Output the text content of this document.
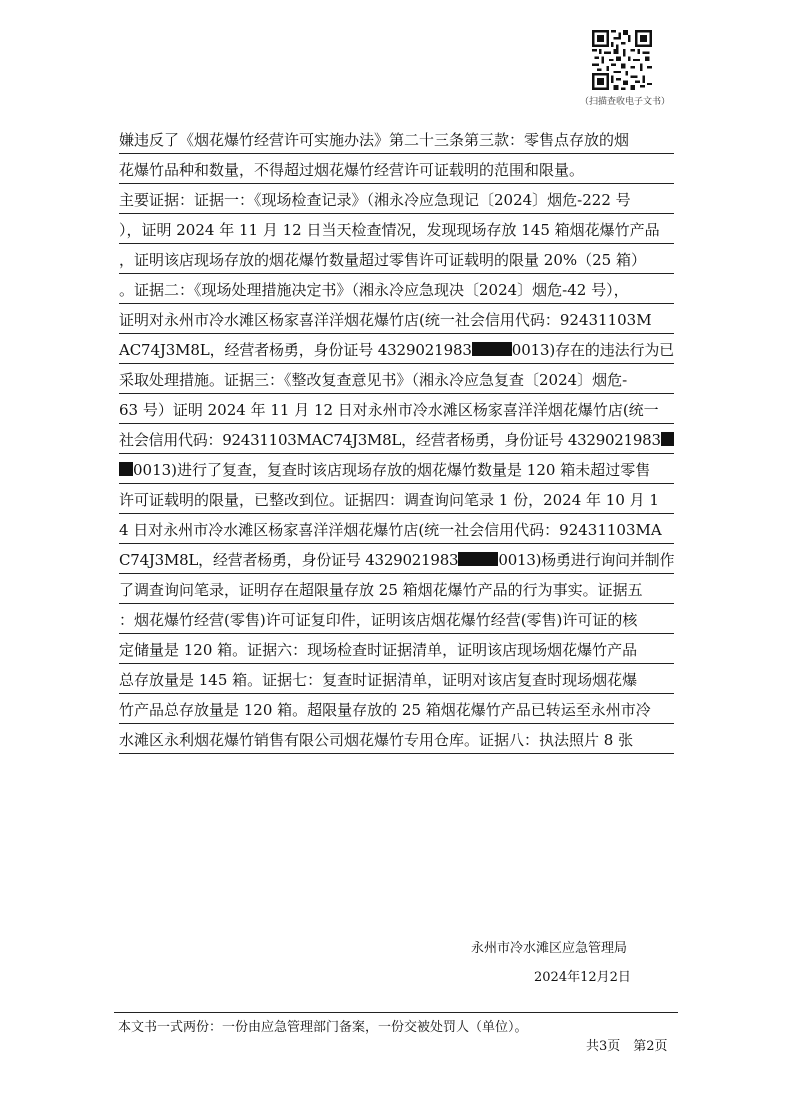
（扫描查收电子文书）
嫌违反了《烟花爆竹经营许可实施办法》第二十三条第三款：零售点存放的烟
花爆竹品种和数量，不得超过烟花爆竹经营许可证载明的范围和限量。
主要证据：证据一：《现场检查记录》（湘永冷应急现记〔2024〕烟危-222 号
），证明 2024 年 11 月 12 日当天检查情况，发现现场存放 145 箱烟花爆竹产品
，证明该店现场存放的烟花爆竹数量超过零售许可证载明的限量 20%（25 箱）
。证据二：《现场处理措施决定书》（湘永冷应急现决〔2024〕烟危-42 号），
证明对永州市冷水滩区杨家喜洋洋烟花爆竹店(统一社会信用代码：92431103M
AC74J3M8L，经营者杨勇，身份证号 4329021983	0013)存在的违法行为已
采取处理措施。证据三：《整改复查意见书》（湘永冷应急复查〔2024〕烟危-
63 号）证明 2024 年 11 月 12 日对永州市冷水滩区杨家喜洋洋烟花爆竹店(统一
社会信用代码：92431103MAC74J3M8L，经营者杨勇，身份证号 4329021983
0013)进行了复查，复查时该店现场存放的烟花爆竹数量是 120 箱未超过零售
许可证载明的限量，已整改到位。证据四：调查询问笔录 1 份，2024 年 10 月 1
4 日对永州市冷水滩区杨家喜洋洋烟花爆竹店(统一社会信用代码：92431103MA
C74J3M8L，经营者杨勇，身份证号 4329021983	0013)杨勇进行询问并制作
了调查询问笔录，证明存在超限量存放 25 箱烟花爆竹产品的行为事实。证据五
：烟花爆竹经营(零售)许可证复印件，证明该店烟花爆竹经营(零售)许可证的核
定储量是 120 箱。证据六：现场检查时证据清单，证明该店现场烟花爆竹产品
总存放量是 145 箱。证据七：复查时证据清单，证明对该店复查时现场烟花爆
竹产品总存放量是 120 箱。超限量存放的 25 箱烟花爆竹产品已转运至永州市冷
水滩区永利烟花爆竹销售有限公司烟花爆竹专用仓库。证据八：执法照片 8 张
永州市冷水滩区应急管理局
2024年12月2日
本文书一式两份：一份由应急管理部门备案，一份交被处罚人（单位）。
共3页　第2页
